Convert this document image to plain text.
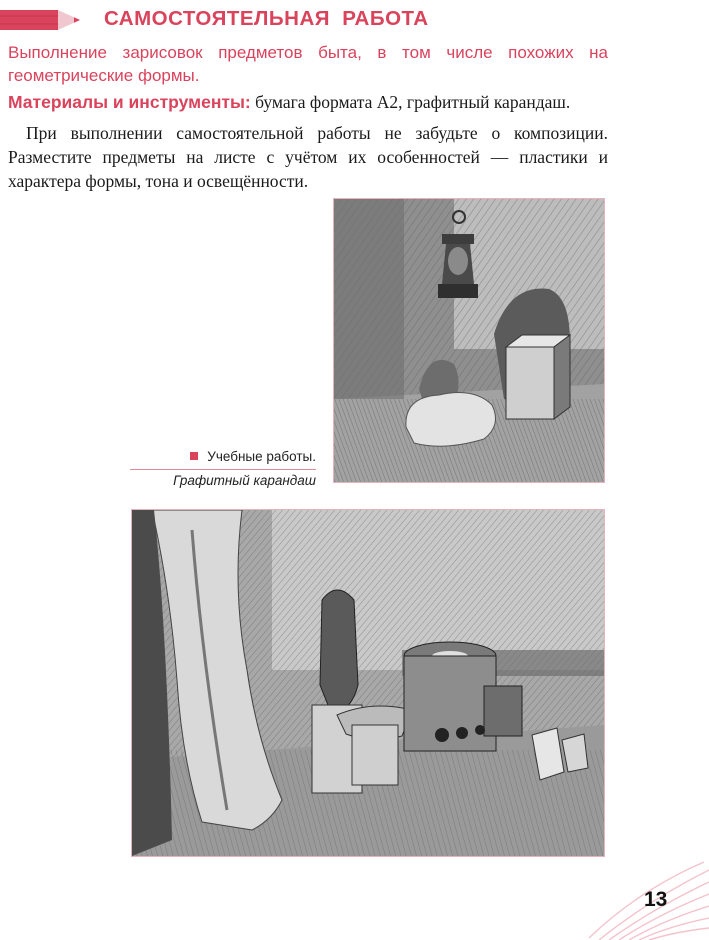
САМОСТОЯТЕЛЬНАЯ РАБОТА

Выполнение зарисовок предметов быта, в том числе похожих на геометрические формы.

Материалы и инструменты: бумага формата А2, графитный карандаш.

При выполнении самостоятельной работы не забудьте о композиции. Разместите предметы на листе с учётом их особенностей — пластики и характера формы, тона и освещённости.

Учебные работы.
Графитный карандаш
13
